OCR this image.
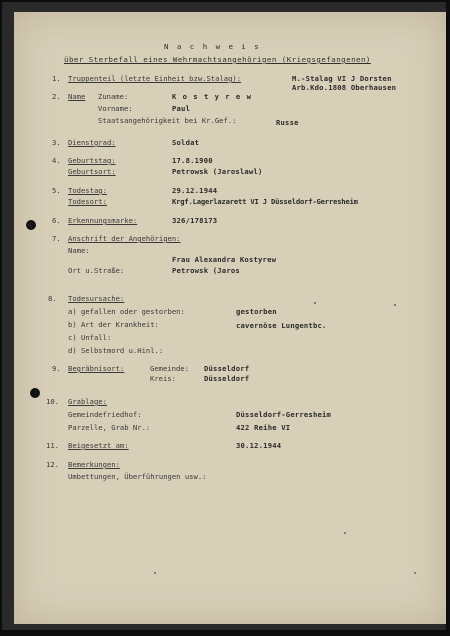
N a c h w e i s
über Sterbefall eines Wehrmachtsangehörigen (Kriegsgefangenen)
1. Truppenteil (letzte Einheit bzw.Stalag):	M.-Stalag VI J Dorsten
Arb.Kdo.1808 Oberhausen
2. Name Zuname:	K o s t y r e w
Vorname:	Paul
Staatsangehörigkeit bei Kr.Gef.:	Russe
3. Dienstgrad:	Soldat
4. Geburtstag:	17.8.1900
Geburtsort:	Petrowsk (Jaroslawl)
5. Todestag:	29.12.1944
Todesort:	Krgf.Lagerlazarett VI J Düsseldorf-Gerresheim
6. Erkennungsmarke:	326/178173
7. Anschrift der Angehörigen:
Name:
Frau Alexandra Kostyrew
Ort u.Straße:	Petrowsk (Jaros
8. Todesursache:
a) gefallen oder gestorben:	gestorben
b) Art der Krankheit:	cavernöse Lungentbc.
c) Unfall:
d) Selbstmord u.Hinl.:
9. Begräbnisort:	Gemeinde: Düsseldorf
Kreis:	Düsseldorf
10. Grablage:
Gemeindefriedhof:	Düsseldorf-Gerresheim
Parzelle, Grab Nr.:	422 Reihe VI
11. Beigesetzt am:	30.12.1944
12. Bemerkungen:
Umbettungen, Überführungen usw.:
